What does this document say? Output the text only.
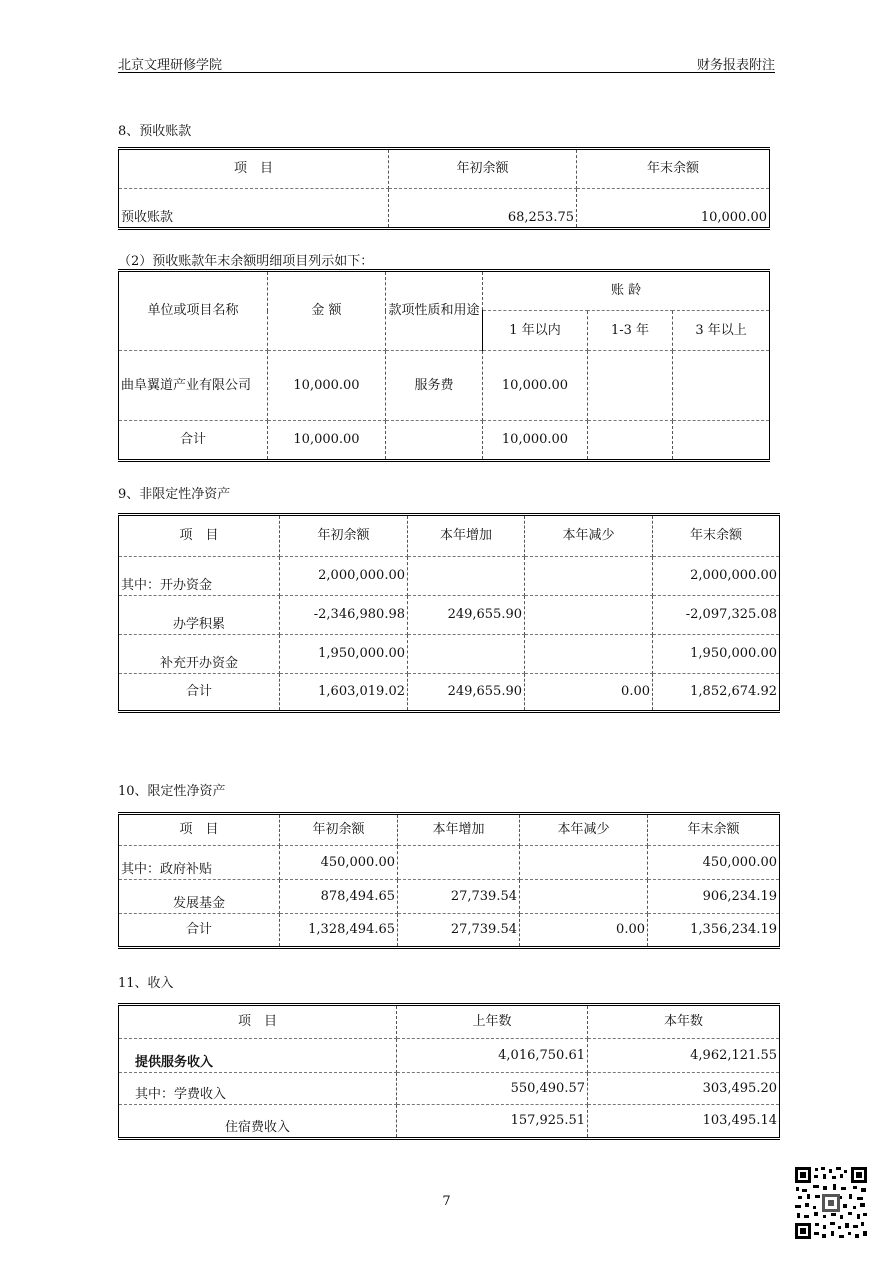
北京文理研修学院	财务报表附注
8、预收账款
项　目	年初余额	年末余额
预收账款	68,253.75	10,000.00
（2）预收账款年末余额明细项目列示如下：
单位或项目名称	金 额	款项性质和用途	账 龄		
			1 年以内	1-3 年	3 年以上
曲阜翼道产业有限公司	10,000.00	服务费	10,000.00		
合计	10,000.00		10,000.00		
9、非限定性净资产
项　目	年初余额	本年增加	本年减少	年末余额
其中：开办资金	2,000,000.00			2,000,000.00
办学积累	-2,346,980.98	249,655.90		-2,097,325.08
补充开办资金	1,950,000.00			1,950,000.00
合计	1,603,019.02	249,655.90	0.00	1,852,674.92
10、限定性净资产
项　目	年初余额	本年增加	本年减少	年末余额
其中：政府补贴	450,000.00			450,000.00
发展基金	878,494.65	27,739.54		906,234.19
合计	1,328,494.65	27,739.54	0.00	1,356,234.19
11、收入
项　目	上年数	本年数
提供服务收入	4,016,750.61	4,962,121.55
其中：学费收入	550,490.57	303,495.20
住宿费收入	157,925.51	103,495.14
7
